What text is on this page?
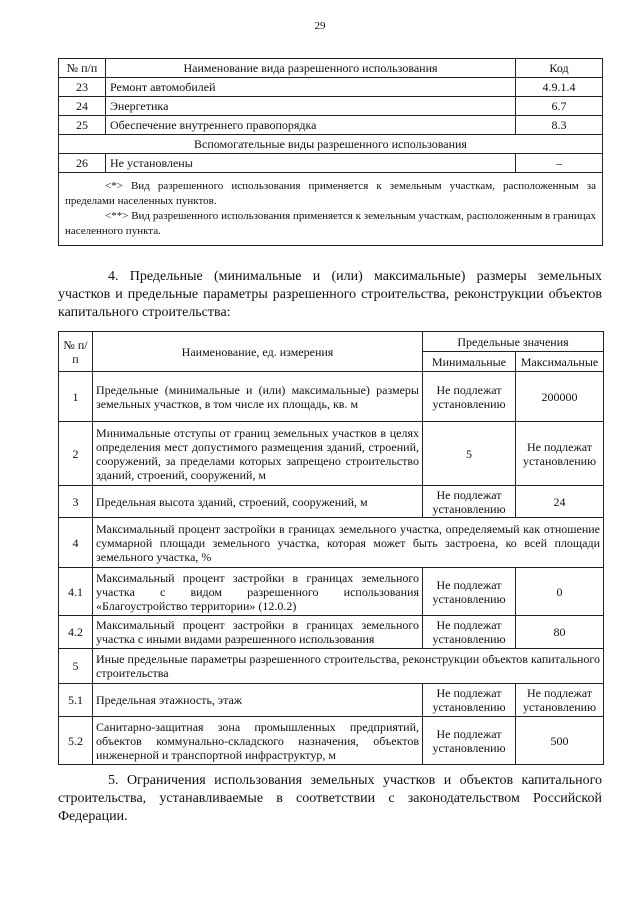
29
№ п/п	Наименование вида разрешенного использования	Код
23	Ремонт автомобилей	4.9.1.4
24	Энергетика	6.7
25	Обеспечение внутреннего правопорядка	8.3
Вспомогательные виды разрешенного использования		
26	Не установлены	–

<*> Вид разрешенного использования применяется к земельным участкам, расположенным за пределами населенных пунктов.
<**> Вид разрешенного использования применяется к земельным участкам, расположенным в границах населенного пункта.		
4. Предельные (минимальные и (или) максимальные) размеры земельных участков и предельные параметры разрешенного строительства, реконструкции объектов капитального строительства:
№ п/п	Наименование, ед. измерения	Предельные значения	
		Минимальные	Максимальные
1	Предельные (минимальные и (или) максимальные) размеры земельных участков, в том числе их площадь, кв. м	Не подлежат установлению	200000
2	Минимальные отступы от границ земельных участков в целях определения мест допустимого размещения зданий, строений, сооружений, за пределами которых запрещено строительство зданий, строений, сооружений, м	5	Не подлежат установлению
3	Предельная высота зданий, строений, сооружений, м	Не подлежат установлению	24
4	Максимальный процент застройки в границах земельного участка, определяемый как отношение суммарной площади земельного участка, которая может быть застроена, ко всей площади земельного участка, %		
4.1	Максимальный процент застройки в границах земельного участка с видом разрешенного использования «Благоустройство территории» (12.0.2)	Не подлежат установлению	0
4.2	Максимальный процент застройки в границах земельного участка с иными видами разрешенного использования	Не подлежат установлению	80
5	Иные предельные параметры разрешенного строительства, реконструкции объектов капитального строительства		
5.1	Предельная этажность, этаж	Не подлежат установлению	Не подлежат установлению
5.2	Санитарно-защитная зона промышленных предприятий, объектов коммунально-складского назначения, объектов инженерной и транспортной инфраструктур, м	Не подлежат установлению	500
5. Ограничения использования земельных участков и объектов капитального строительства, устанавливаемые в соответствии с законодательством Российской Федерации.
